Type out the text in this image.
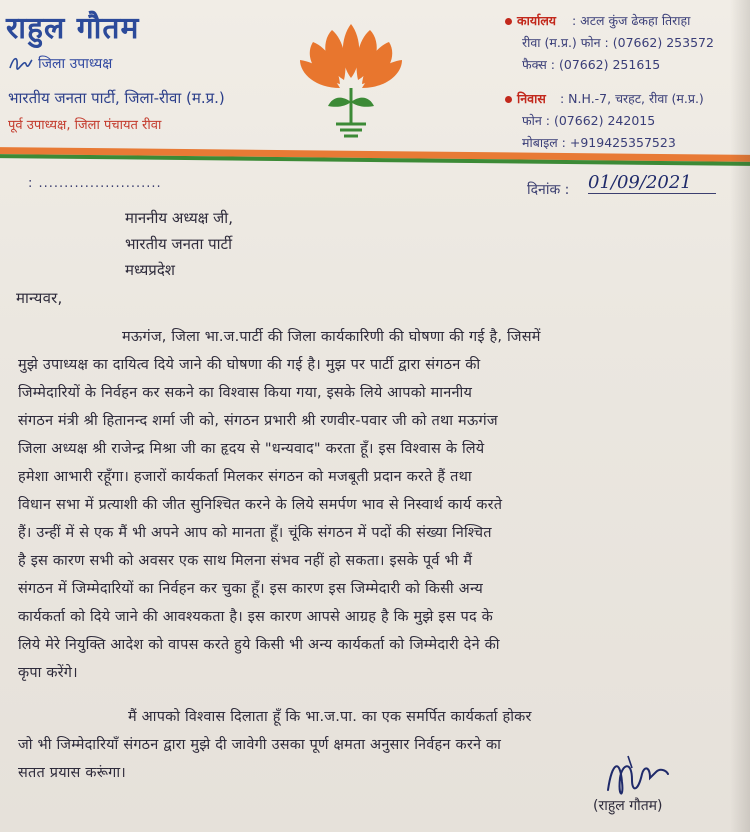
राहुल गौतम
जिला उपाध्यक्ष
भारतीय जनता पार्टी, जिला-रीवा (म.प्र.)
पूर्व उपाध्यक्ष, जिला पंचायत रीवा
कार्यालय : अटल कुंज ढेकहा तिराहा
रीवा (म.प्र.) फोन : (07662) 253572
फैक्स : (07662) 251615
निवास : N.H.-7, चरहट, रीवा (म.प्र.)
फोन : (07662) 242015
मोबाइल : +919425357523
: ........................	दिनांक : 01/09/2021
माननीय अध्यक्ष जी,
भारतीय जनता पार्टी
मध्यप्रदेश
मान्यवर,
मऊगंज, जिला भा.ज.पार्टी की जिला कार्यकारिणी की घोषणा की गई है, जिसमें
मुझे उपाध्यक्ष का दायित्व दिये जाने की घोषणा की गई है। मुझ पर पार्टी द्वारा संगठन की
जिम्मेदारियों के निर्वहन कर सकने का विश्वास किया गया, इसके लिये आपको माननीय
संगठन मंत्री श्री हितानन्द शर्मा जी को, संगठन प्रभारी श्री रणवीर-पवार जी को तथा मऊगंज
जिला अध्यक्ष श्री राजेन्द्र मिश्रा जी का हृदय से "धन्यवाद" करता हूँ। इस विश्वास के लिये
हमेशा आभारी रहूँगा। हजारों कार्यकर्ता मिलकर संगठन को मजबूती प्रदान करते हैं तथा
विधान सभा में प्रत्याशी की जीत सुनिश्चित करने के लिये समर्पण भाव से निस्वार्थ कार्य करते
हैं। उन्हीं में से एक मैं भी अपने आप को मानता हूँ। चूंकि संगठन में पदों की संख्या निश्चित
है इस कारण सभी को अवसर एक साथ मिलना संभव नहीं हो सकता। इसके पूर्व भी मैं
संगठन में जिम्मेदारियों का निर्वहन कर चुका हूँ। इस कारण इस जिम्मेदारी को किसी अन्य
कार्यकर्ता को दिये जाने की आवश्यकता है। इस कारण आपसे आग्रह है कि मुझे इस पद के
लिये मेरे नियुक्ति आदेश को वापस करते हुये किसी भी अन्य कार्यकर्ता को जिम्मेदारी देने की
कृपा करेंगे।
मैं आपको विश्वास दिलाता हूँ कि भा.ज.पा. का एक समर्पित कार्यकर्ता होकर
जो भी जिम्मेदारियाँ संगठन द्वारा मुझे दी जावेगी उसका पूर्ण क्षमता अनुसार निर्वहन करने का
सतत प्रयास करूंगा।
(राहुल गौतम)
